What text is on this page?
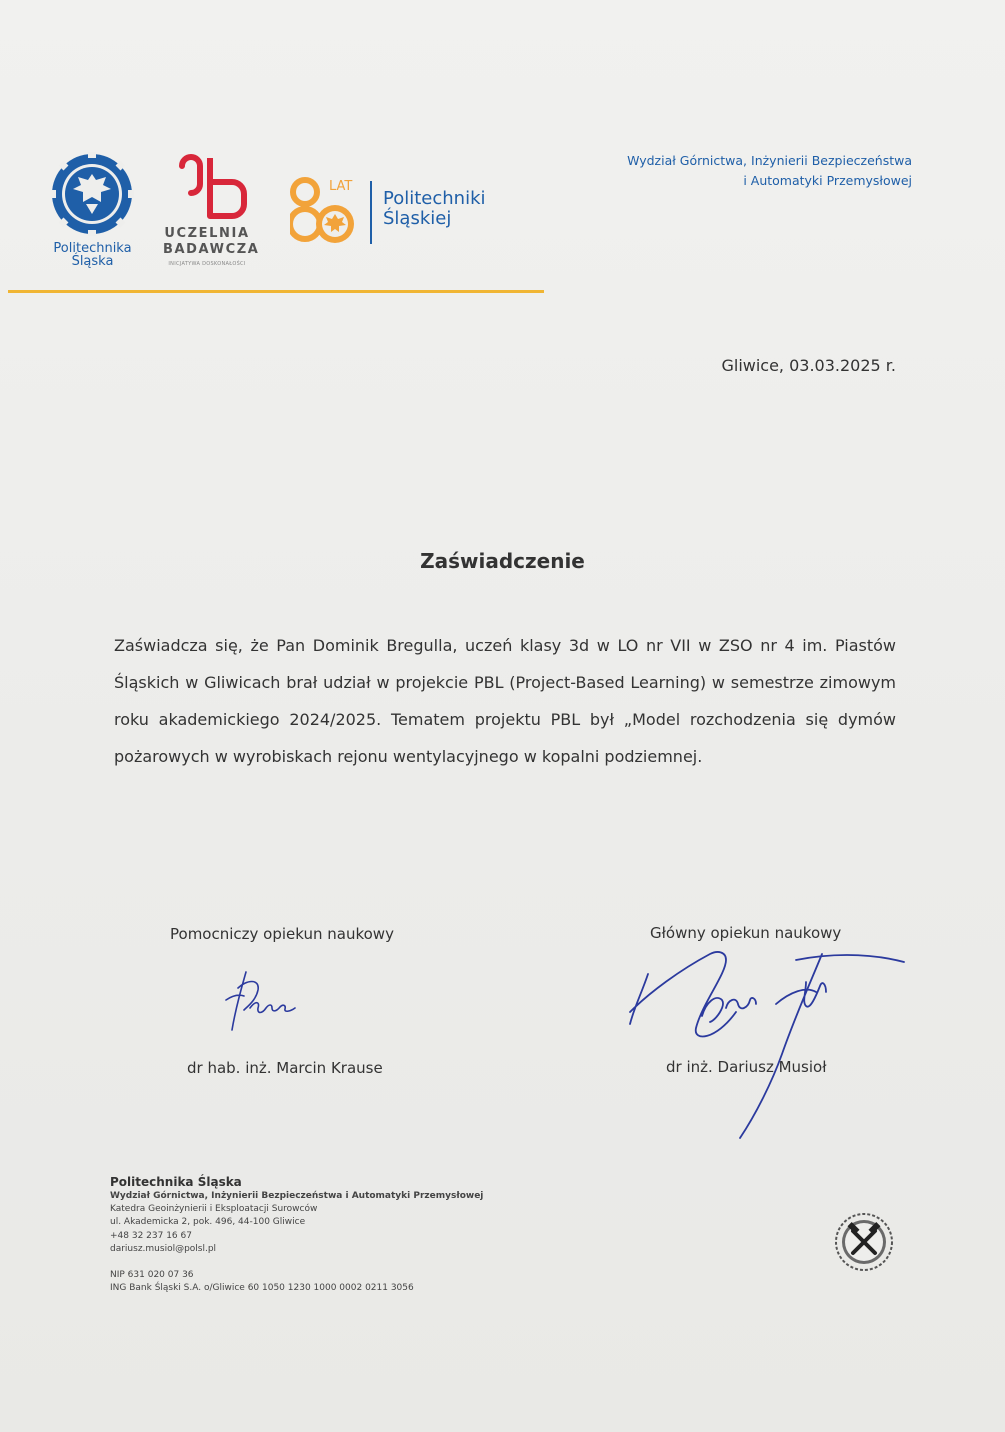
Politechnika
Śląska
UCZELNIA
BADAWCZA
INICJATYWA DOSKONAŁOŚCI
LAT
Politechniki
Śląskiej
Wydział Górnictwa, Inżynierii Bezpieczeństwa
i Automatyki Przemysłowej
Gliwice, 03.03.2025 r.
Zaświadczenie
Zaświadcza się, że Pan Dominik Bregulla, uczeń klasy 3d w LO nr VII w ZSO nr 4 im. Piastów Śląskich w Gliwicach brał udział w projekcie PBL (Project-Based Learning) w semestrze zimowym roku akademickiego 2024/2025. Tematem projektu PBL był „Model rozchodzenia się dymów pożarowych w wyrobiskach rejonu wentylacyjnego w kopalni podziemnej.
Pomocniczy opiekun naukowy
dr hab. inż. Marcin Krause
Główny opiekun naukowy
dr inż. Dariusz Musioł
Politechnika Śląska
Wydział Górnictwa, Inżynierii Bezpieczeństwa i Automatyki Przemysłowej
Katedra Geoinżynierii i Eksploatacji Surowców
ul. Akademicka 2, pok. 496, 44-100 Gliwice
+48 32 237 16 67
dariusz.musiol@polsl.pl
NIP 631 020 07 36
ING Bank Śląski S.A. o/Gliwice 60 1050 1230 1000 0002 0211 3056
